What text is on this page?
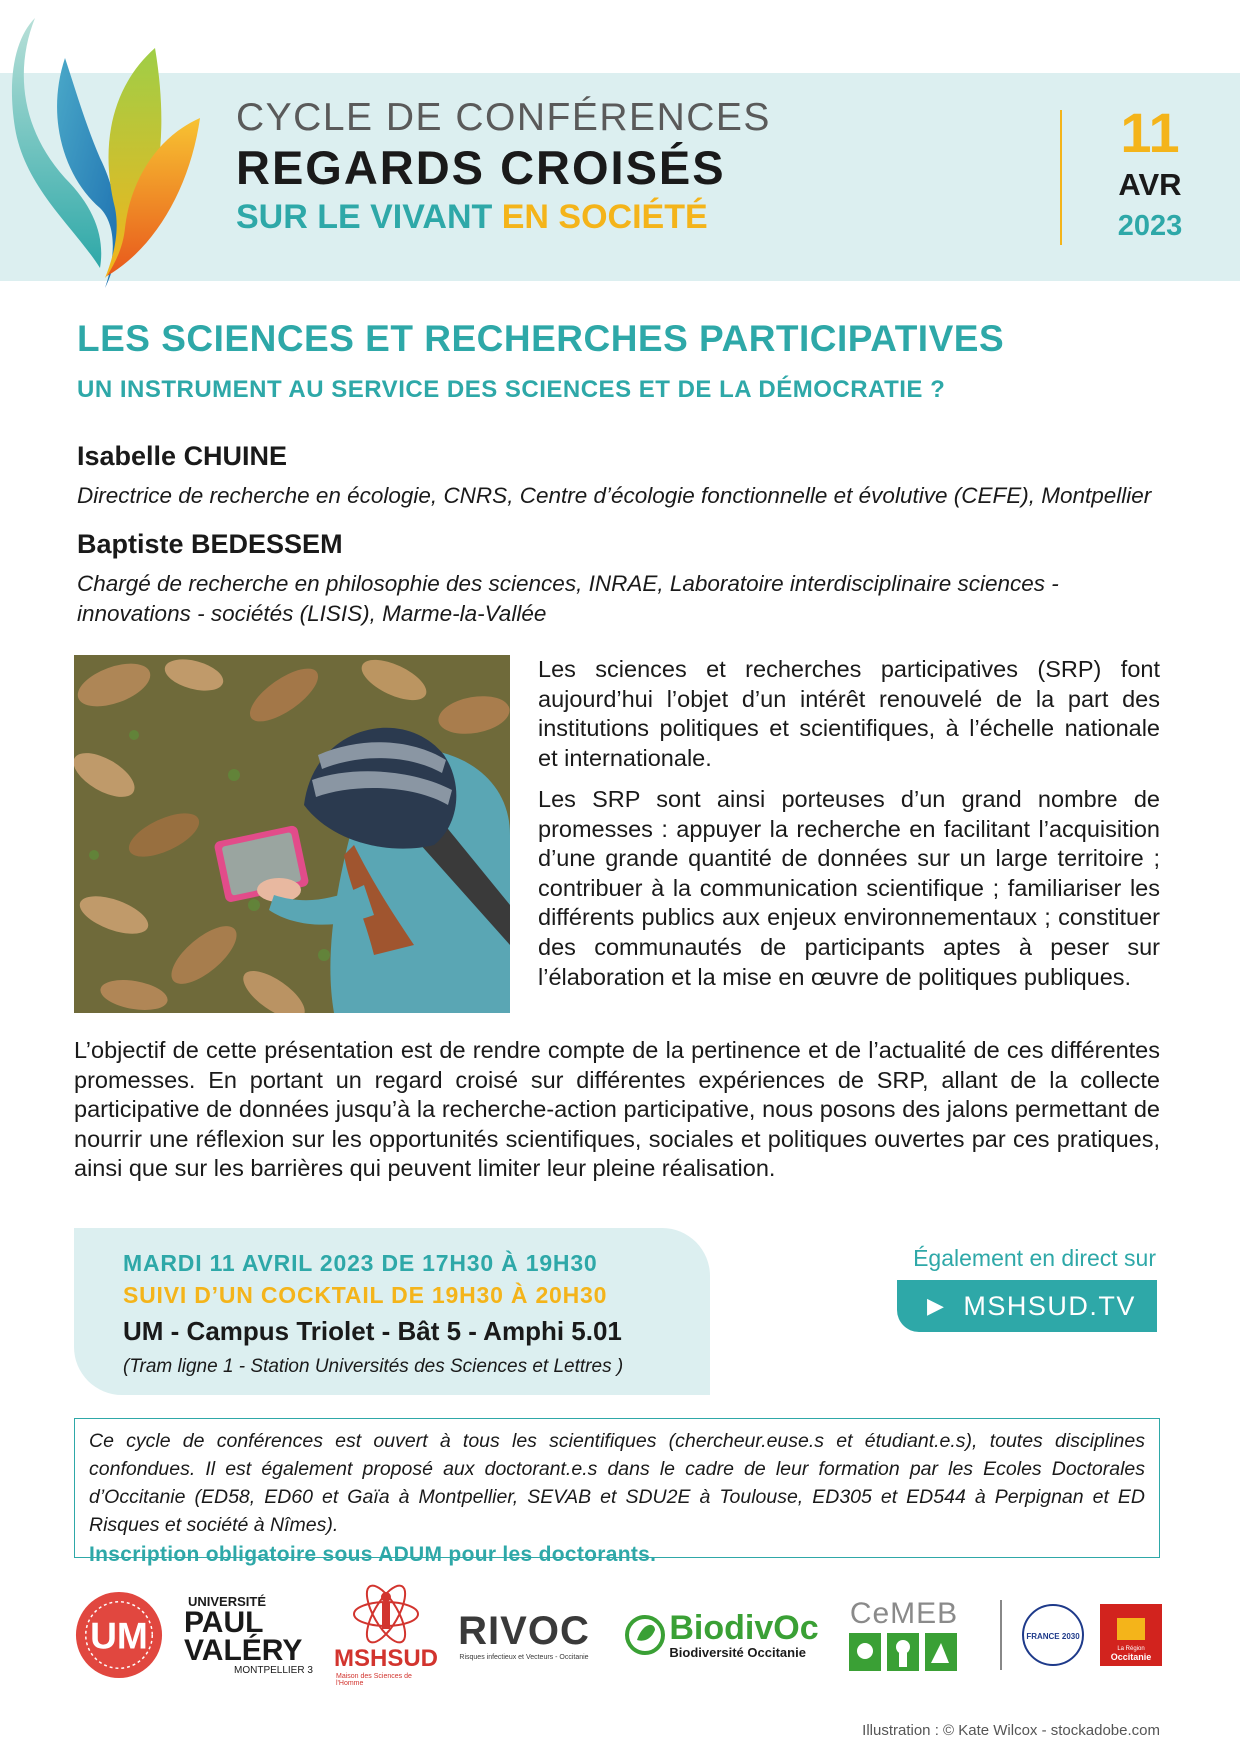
CYCLE DE CONFÉRENCES
REGARDS CROISÉS
SUR LE VIVANT EN SOCIÉTÉ
11
AVR
2023
LES SCIENCES ET RECHERCHES PARTICIPATIVES
UN INSTRUMENT AU SERVICE DES SCIENCES ET DE LA DÉMOCRATIE ?
Isabelle CHUINE
Directrice de recherche en écologie, CNRS, Centre d’écologie fonctionnelle et évolutive (CEFE), Montpellier
Baptiste BEDESSEM
Chargé de recherche en philosophie des sciences, INRAE, Laboratoire interdisciplinaire sciences - innovations - sociétés (LISIS), Marme-la-Vallée

Les sciences et recherches participatives (SRP) font aujourd’hui l’objet d’un intérêt renouvelé de la part des institutions politiques et scientifiques, à l’échelle nationale et internationale.

Les SRP sont ainsi porteuses d’un grand nombre de promesses : appuyer la recherche en facilitant l’acquisition d’une grande quantité de données sur un large territoire ; contribuer à la communication scientifique ; familiariser les différents publics aux enjeux environnementaux ; constituer des communautés de participants aptes à peser sur l’élaboration et la mise en œuvre de politiques publiques.

L’objectif de cette présentation est de rendre compte de la pertinence et de l’actualité de ces différentes promesses. En portant un regard croisé sur différentes expériences de SRP, allant de la collecte participative de données jusqu’à la recherche-action participative, nous posons des jalons permettant de nourrir une réflexion sur les opportunités scientifiques, sociales et politiques ouvertes par ces pratiques, ainsi que sur les barrières qui peuvent limiter leur pleine réalisation.

MARDI 11 AVRIL 2023 DE 17H30 À 19H30
SUIVI D’UN COCKTAIL DE 19H30 À 20H30
UM - Campus Triolet - Bât 5 - Amphi 5.01
(Tram ligne 1 - Station Universités des Sciences et Lettres )
Également en direct sur
▶ MSHSUD.TV

Ce cycle de conférences est ouvert à tous les scientifiques (chercheur.euse.s et étudiant.e.s), toutes disciplines confondues. Il est également proposé aux doctorant.e.s dans le cadre de leur formation par les Ecoles Doctorales d’Occitanie (ED58, ED60 et Gaïa à Montpellier, SEVAB et SDU2E à Toulouse, ED305 et ED544 à Perpignan et ED Risques et société à Nîmes).

Inscription obligatoire sous ADUM pour les doctorants.

UM
UNIVERSITÉ
PAUL
VALÉRY
MONTPELLIER 3 MSHSUD
Maison des Sciences de l'Homme
RIVOC
Risques infectieux et Vecteurs - Occitanie
BiodivOc
Biodiversité Occitanie
CeMEB
FRANCE 2030
La Région
Occitanie
Illustration : © Kate Wilcox - stockadobe.com
